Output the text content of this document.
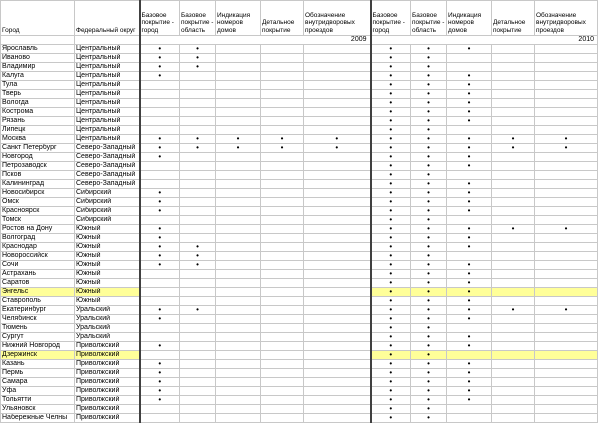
Город	Федеральный округ	Базовое покрытие - город	Базовое покрытие - область	Индикация номеров домов	Детальное покрытие	Обозначение внутридворовых проездов	Базовое покрытие - город	Базовое покрытие - область	Индикация номеров домов	Детальное покрытие	Обозначение внутридворовых проездов
		2009					2010				
Ярославль	Центральный	•	•				•	•	•		
Иваново	Центральный	•	•				•	•			
Владимир	Центральный	•	•				•	•			
Калуга	Центральный	•					•	•	•		
Тула	Центральный						•	•	•		
Тверь	Центральный						•	•	•		
Вологда	Центральный						•	•	•		
Кострома	Центральный						•	•	•		
Рязань	Центральный						•	•	•		
Липецк	Центральный						•	•			
Москва	Центральный	•	•	•	•	•	•	•	•	•	•
Санкт Петербург	Северо-Западный	•	•	•	•	•	•	•	•	•	•
Новгород	Северо-Западный	•					•	•	•		
Петрозаводск	Северо-Западный						•	•	•		
Псков	Северо-Западный						•	•			
Калининград	Северо-Западный						•	•	•		
Новосибирск	Сибирский	•					•	•	•		
Омск	Сибирский	•					•	•	•		
Красноярск	Сибирский	•					•	•	•		
Томск	Сибирский						•	•			
Ростов на Дону	Южный	•					•	•	•	•	•
Волгоград	Южный	•					•	•	•		
Краснодар	Южный	•	•				•	•	•		
Новороссийск	Южный	•	•				•	•			
Сочи	Южный	•	•				•	•	•		
Астрахань	Южный						•	•	•		
Саратов	Южный						•	•	•		
Энгельс	Южный						•	•	•		
Ставрополь	Южный						•	•	•		
Екатеринбург	Уральский	•	•				•	•	•	•	•
Челябинск	Уральский	•					•	•	•		
Тюмень	Уральский						•	•			
Сургут	Уральский						•	•	•		
Нижний Новгород	Приволжский	•					•	•	•		
Дзержинск	Приволжский						•	•			
Казань	Приволжский	•					•	•	•		
Пермь	Приволжский	•					•	•	•		
Самара	Приволжский	•					•	•	•		
Уфа	Приволжский	•					•	•	•		
Тольятти	Приволжский	•					•	•	•		
Ульяновск	Приволжский						•	•			
Набережные Челны	Приволжский						•	•			
